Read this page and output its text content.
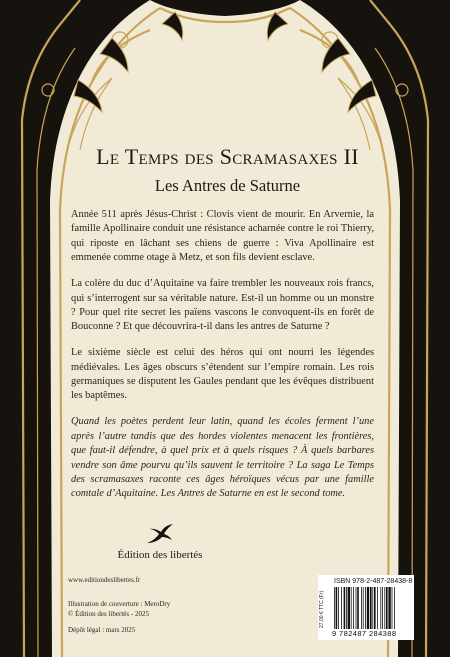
Le Temps des Scramasaxes II
Les Antres de Saturne

Année 511 après Jésus-Christ : Clovis vient de mourir. En Arvernie, la famille Apollinaire conduit une résistance acharnée contre le roi Thierry, qui riposte en lâchant ses chiens de guerre : Viva Apollinaire est emmenée comme otage à Metz, et son fils devient esclave.

La colère du duc d’Aquitaine va faire trembler les nouveaux rois francs, qui s’interrogent sur sa véritable nature. Est-il un homme ou un monstre ? Pour quel rite secret les païens vascons le convoquent-ils en forêt de Bouconne ? Et que découvrira-t-il dans les antres de Saturne ?

Le sixième siècle est celui des héros qui ont nourri les légendes médiévales. Les âges obscurs s’étendent sur l’empire romain. Les rois germaniques se disputent les Gaules pendant que les évêques distribuent les baptêmes.

Quand les poètes perdent leur latin, quand les écoles ferment l’une après l’autre tandis que des hordes violentes menacent les frontières, que faut-il défendre, à quel prix et à quels risques ? À quels barbares vendre son âme pourvu qu’ils sauvent le territoire ? La saga Le Temps des scramasaxes raconte ces âges héroïques vécus par une famille comtale d’Aquitaine. Les Antres de Saturne en est le second tome.

Édition des libertés
www.editiondeslibertes.fr
Illustration de couverture : MeroDry
© Édition des libertés - 2025
Dépôt légal : mars 2025
27,00 € TTC (Fr)
ISBN 978-2-487-28438-8
9 782487 284388
